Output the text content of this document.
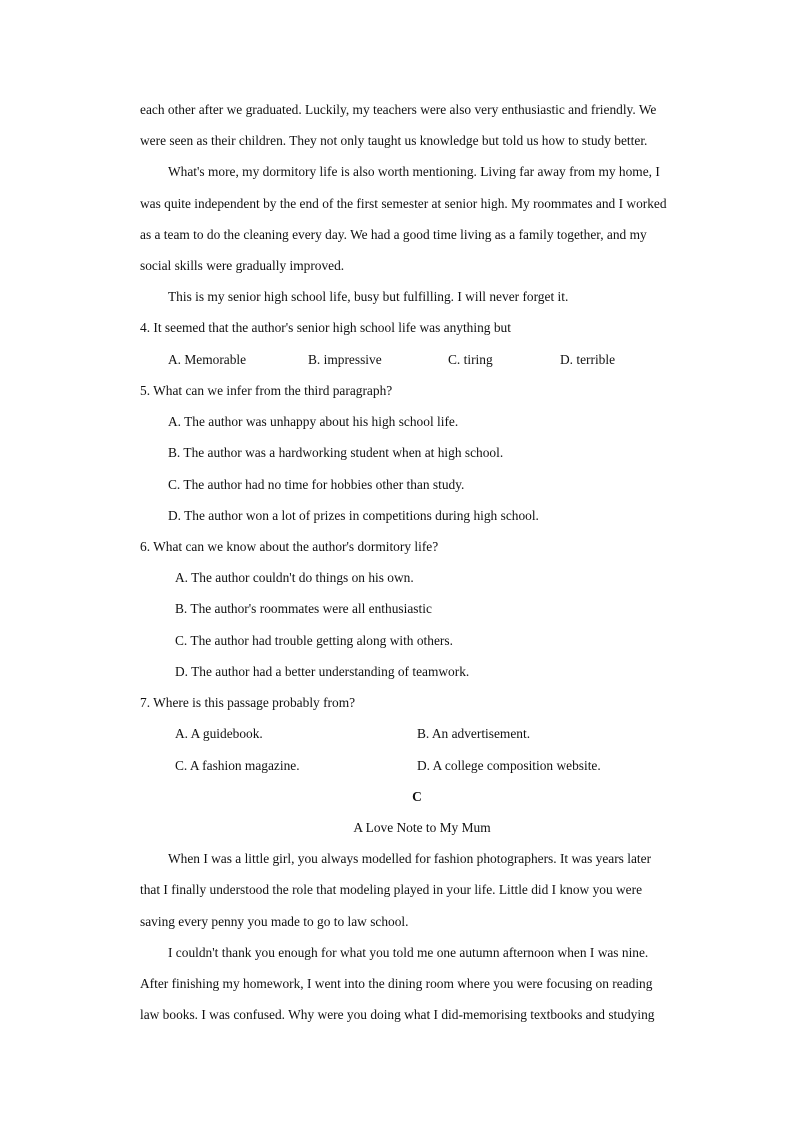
each other after we graduated. Luckily, my teachers were also very enthusiastic and friendly. We
were seen as their children. They not only taught us knowledge but told us how to study better.
What's more, my dormitory life is also worth mentioning. Living far away from my home, I
was quite independent by the end of the first semester at senior high. My roommates and I worked
as a team to do the cleaning every day. We had a good time living as a family together, and my
social skills were gradually improved.
This is my senior high school life, busy but fulfilling. I will never forget it.
4. It seemed that the author's senior high school life was anything but
A. Memorable	B. impressive	C. tiring	D. terrible
5. What can we infer from the third paragraph?
A. The author was unhappy about his high school life.
B. The author was a hardworking student when at high school.
C. The author had no time for hobbies other than study.
D. The author won a lot of prizes in competitions during high school.
6. What can we know about the author's dormitory life?
A. The author couldn't do things on his own.
B. The author's roommates were all enthusiastic
C. The author had trouble getting along with others.
D. The author had a better understanding of teamwork.
7. Where is this passage probably from?
A. A guidebook.	B. An advertisement.
C. A fashion magazine.	D. A college composition website.
C
A Love Note to My Mum
When I was a little girl, you always modelled for fashion photographers. It was years later
that I finally understood the role that modeling played in your life. Little did I know you were
saving every penny you made to go to law school.
I couldn't thank you enough for what you told me one autumn afternoon when I was nine.
After finishing my homework, I went into the dining room where you were focusing on reading
law books. I was confused. Why were you doing what I did-memorising textbooks and studying
